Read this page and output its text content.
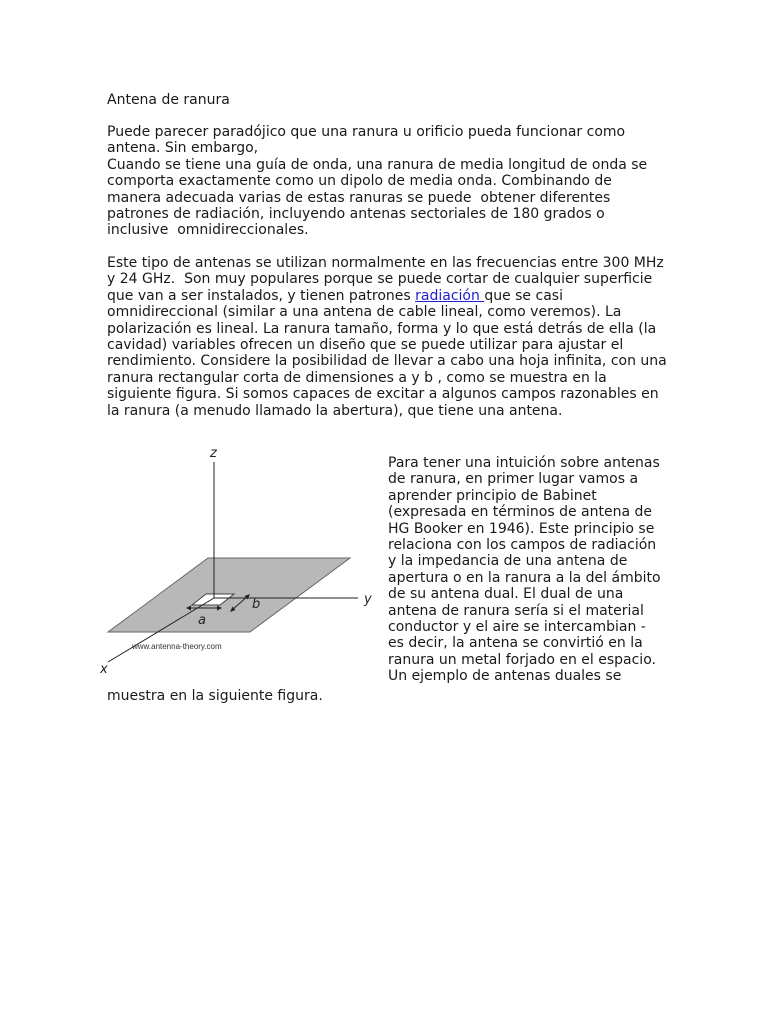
Antena de ranura
Puede parecer paradójico que una ranura u orificio pueda funcionar como
antena. Sin embargo,
Cuando se tiene una guía de onda, una ranura de media longitud de onda se
comporta exactamente como un dipolo de media onda. Combinando de
manera adecuada varias de estas ranuras se puede  obtener diferentes
patrones de radiación, incluyendo antenas sectoriales de 180 grados o
inclusive  omnidireccionales.
Este tipo de antenas se utilizan normalmente en las frecuencias entre 300 MHz
y 24 GHz.  Son muy populares porque se puede cortar de cualquier superficie
que van a ser instalados, y tienen patrones radiación que se casi
omnidireccional (similar a una antena de cable lineal, como veremos). La
polarización es lineal. La ranura tamaño, forma y lo que está detrás de ella (la
cavidad) variables ofrecen un diseño que se puede utilizar para ajustar el
rendimiento. Considere la posibilidad de llevar a cabo una hoja infinita, con una
ranura rectangular corta de dimensiones a y b , como se muestra en la
siguiente figura. Si somos capaces de excitar a algunos campos razonables en
la ranura (a menudo llamado la abertura), que tiene una antena.
z
y
x
a
b
www.antenna-theory.com
Para tener una intuición sobre antenas
de ranura, en primer lugar vamos a
aprender principio de Babinet
(expresada en términos de antena de
HG Booker en 1946). Este principio se
relaciona con los campos de radiación
y la impedancia de una antena de
apertura o en la ranura a la del ámbito
de su antena dual. El dual de una
antena de ranura sería si el material
conductor y el aire se intercambian -
es decir, la antena se convirtió en la
ranura un metal forjado en el espacio.
Un ejemplo de antenas duales se
muestra en la siguiente figura.
